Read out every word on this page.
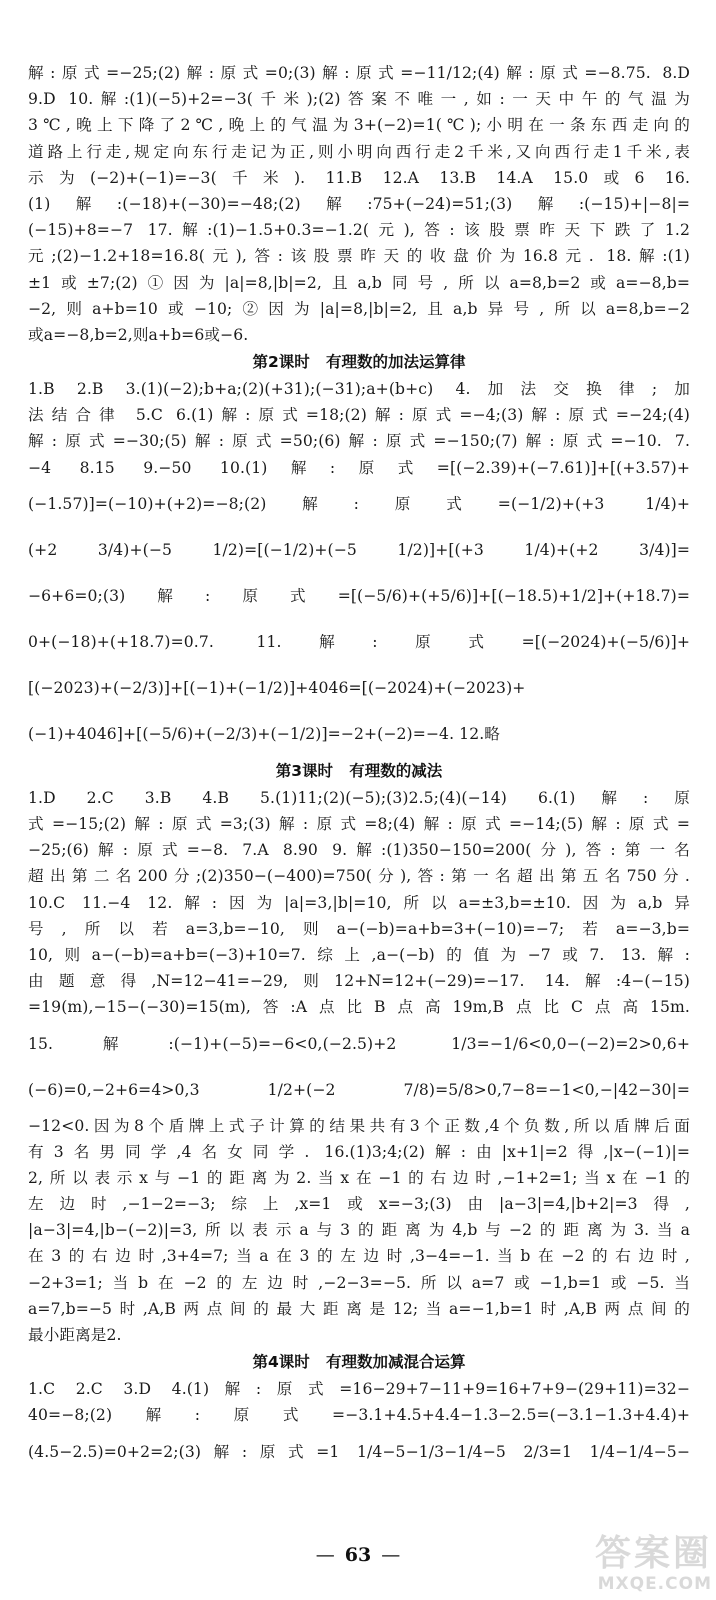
解:原式=−25;(2)解:原式=0;(3)解:原式=−11/12;(4)解:原式=−8.75. 8.D
9.D 10.解:(1)(−5)+2=−3(千米);(2)答案不唯一,如:一天中午的气温为
3℃,晚上下降了2℃,晚上的气温为3+(−2)=1(℃);小明在一条东西走向的
道路上行走,规定向东行走记为正,则小明向西行走2千米,又向西行走1千米,表
示为(−2)+(−1)=−3(千米). 11.B 12.A 13.B 14.A 15.0或6 16.
(1)解:(−18)+(−30)=−48;(2)解:75+(−24)=51;(3)解:(−15)+|−8|=
(−15)+8=−7 17.解:(1)−1.5+0.3=−1.2(元),答:该股票昨天下跌了1.2
元;(2)−1.2+18=16.8(元),答:该股票昨天的收盘价为16.8元. 18.解:(1)
±1或±7;(2)①因为|a|=8,|b|=2,且a,b同号,所以a=8,b=2或a=−8,b=
−2,则a+b=10或−10;②因为|a|=8,|b|=2,且a,b异号,所以a=8,b=−2
或a=−8,b=2,则a+b=6或−6.
第2课时   有理数的加法运算律
1.B 2.B 3.(1)(−2);b+a;(2)(+31);(−31);a+(b+c) 4.加法交换律;加
法结合律 5.C 6.(1)解:原式=18;(2)解:原式=−4;(3)解:原式=−24;(4)
解:原式=−30;(5)解:原式=50;(6)解:原式=−150;(7)解:原式=−10. 7.
−4 8.15 9.−50 10.(1)解:原式=[(−2.39)+(−7.61)]+[(+3.57)+
(−1.57)]=(−10)+(+2)=−8;(2)解:原式=(−1/2)+(+3 1/4)+
(+2 3/4)+(−5 1/2)=[(−1/2)+(−5 1/2)]+[(+3 1/4)+(+2 3/4)]=
−6+6=0;(3)解:原式=[(−5/6)+(+5/6)]+[(−18.5)+1/2]+(+18.7)=
0+(−18)+(+18.7)=0.7. 11.解:原式=[(−2024)+(−5/6)]+
[(−2023)+(−2/3)]+[(−1)+(−1/2)]+4046=[(−2024)+(−2023)+
(−1)+4046]+[(−5/6)+(−2/3)+(−1/2)]=−2+(−2)=−4. 12.略
第3课时   有理数的减法
1.D 2.C 3.B 4.B 5.(1)11;(2)(−5);(3)2.5;(4)(−14) 6.(1)解:原
式=−15;(2)解:原式=3;(3)解:原式=8;(4)解:原式=−14;(5)解:原式=
−25;(6)解:原式=−8. 7.A 8.90 9.解:(1)350−150=200(分),答:第一名
超出第二名200分;(2)350−(−400)=750(分),答:第一名超出第五名750分.
10.C 11.−4 12.解:因为|a|=3,|b|=10,所以a=±3,b=±10.因为a,b异
号,所以若a=3,b=−10,则a−(−b)=a+b=3+(−10)=−7;若a=−3,b=
10,则a−(−b)=a+b=(−3)+10=7.综上,a−(−b)的值为−7或7. 13.解:
由题意得,N=12−41=−29,则12+N=12+(−29)=−17. 14.解:4−(−15)
=19(m),−15−(−30)=15(m),答:A点比B点高19m,B点比C点高15m.
15.解:(−1)+(−5)=−6<0,(−2.5)+2 1/3=−1/6<0,0−(−2)=2>0,6+
(−6)=0,−2+6=4>0,3 1/2+(−2 7/8)=5/8>0,7−8=−1<0,−|42−30|=
−12<0.因为8个盾牌上式子计算的结果共有3个正数,4个负数,所以盾牌后面
有3名男同学,4名女同学. 16.(1)3;4;(2)解:由|x+1|=2得,|x−(−1)|=
2,所以表示x与−1的距离为2.当x在−1的右边时,−1+2=1;当x在−1的
左边时,−1−2=−3;综上,x=1或x=−3;(3)由|a−3|=4,|b+2|=3得,
|a−3|=4,|b−(−2)|=3,所以表示a与3的距离为4,b与−2的距离为3.当a
在3的右边时,3+4=7;当a在3的左边时,3−4=−1.当b在−2的右边时,
−2+3=1;当b在−2的左边时,−2−3=−5.所以a=7或−1,b=1或−5.当
a=7,b=−5时,A,B两点间的最大距离是12;当a=−1,b=1时,A,B两点间的
最小距离是2.
第4课时   有理数加减混合运算
1.C 2.C 3.D 4.(1)解:原式=16−29+7−11+9=16+7+9−(29+11)=32−
40=−8;(2)解:原式=−3.1+4.5+4.4−1.3−2.5=(−3.1−1.3+4.4)+
(4.5−2.5)=0+2=2;(3)解:原式=1 1/4−5−1/3−1/4−5 2/3=1 1/4−1/4−5−
— 63 —	答案圈
MXQE.COM
